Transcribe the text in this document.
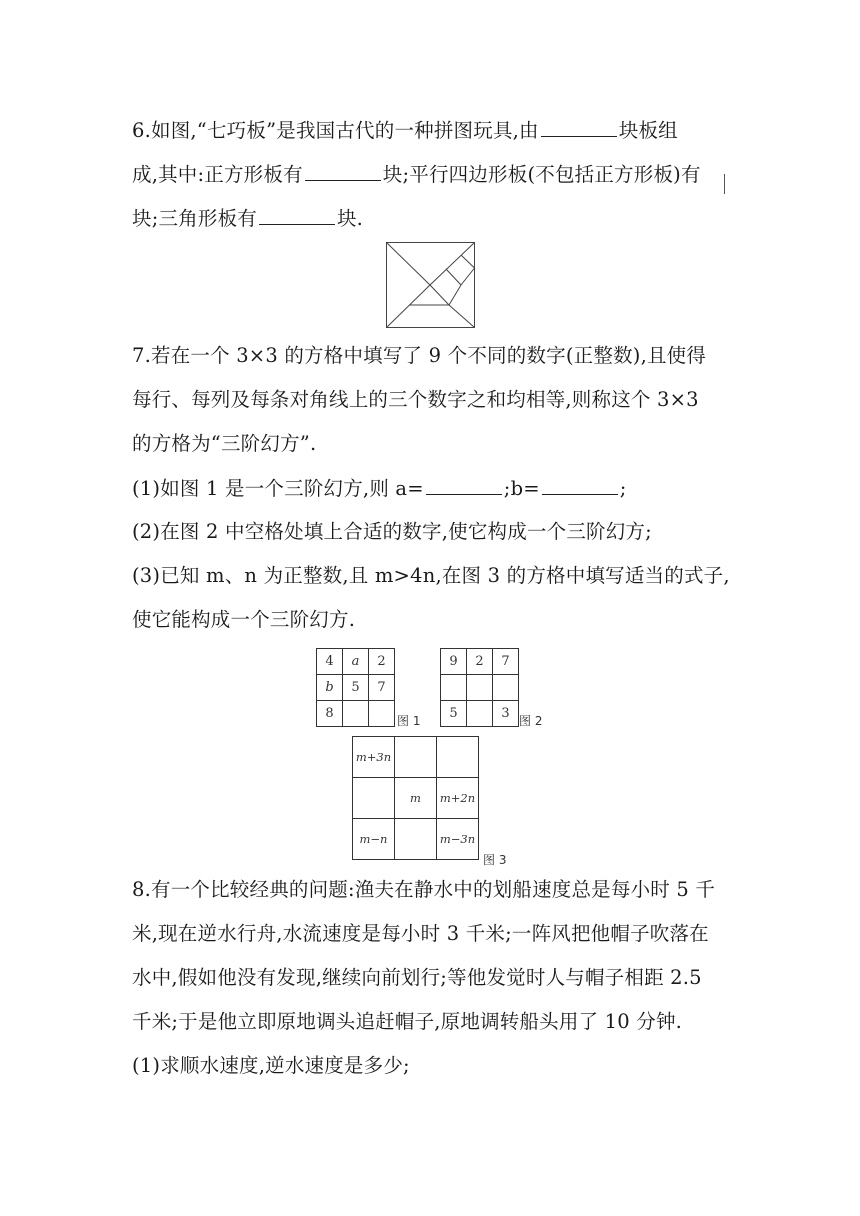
6.如图,“七巧板”是我国古代的一种拼图玩具,由	块板组
成,其中:正方形板有	块;平行四边形板(不包括正方形板)有
块;三角形板有	块.
7.若在一个 3×3 的方格中填写了 9 个不同的数字(正整数),且使得
每行、每列及每条对角线上的三个数字之和均相等,则称这个 3×3
的方格为“三阶幻方”.
(1)如图 1 是一个三阶幻方,则 a=	;b=	;
(2)在图 2 中空格处填上合适的数字,使它构成一个三阶幻方;
(3)已知 m、n 为正整数,且 m>4n,在图 3 的方格中填写适当的式子,
使它能构成一个三阶幻方.
4	a	2
b	5	7
8			图 1
9	2	7

5		3 图 2
m+3n		
	m	m+2n
m−n		m−3n
图 3
8.有一个比较经典的问题:渔夫在静水中的划船速度总是每小时 5 千
米,现在逆水行舟,水流速度是每小时 3 千米;一阵风把他帽子吹落在
水中,假如他没有发现,继续向前划行;等他发觉时人与帽子相距 2.5
千米;于是他立即原地调头追赶帽子,原地调转船头用了 10 分钟.
(1)求顺水速度,逆水速度是多少;
